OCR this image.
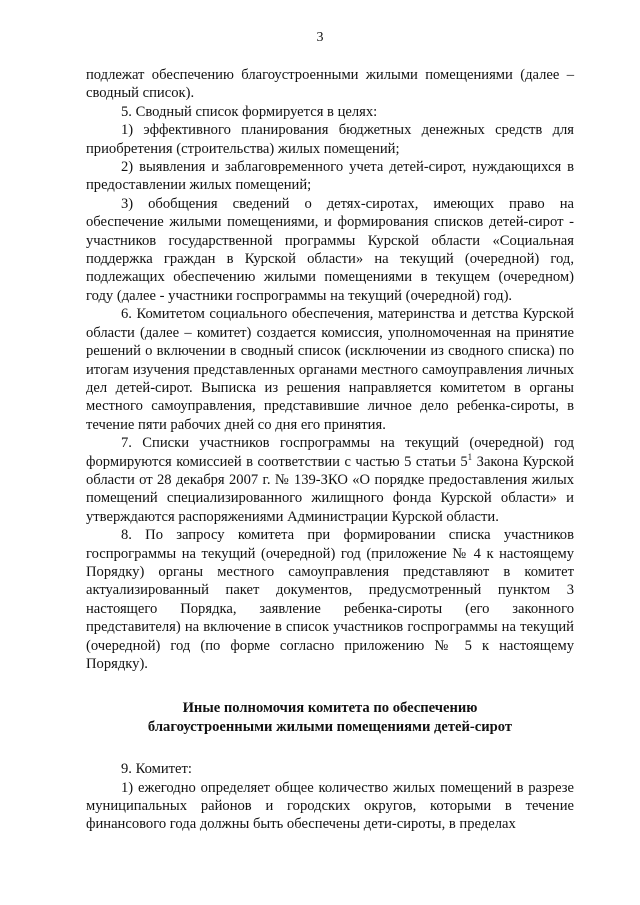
3

подлежат обеспечению благоустроенными жилыми помещениями (далее – сводный список).

5. Сводный список формируется в целях:

1) эффективного планирования бюджетных денежных средств для приобретения (строительства) жилых помещений;

2) выявления и заблаговременного учета детей-сирот, нуждающихся в предоставлении жилых помещений;

3) обобщения сведений о детях-сиротах, имеющих право на обеспечение жилыми помещениями, и формирования списков детей-сирот - участников государственной программы Курской области «Социальная поддержка граждан в Курской области» на текущий (очередной) год, подлежащих обеспечению жилыми помещениями в текущем (очередном) году (далее - участники госпрограммы на текущий (очередной) год).

6. Комитетом социального обеспечения, материнства и детства Курской области (далее – комитет) создается комиссия, уполномоченная на принятие решений о включении в сводный список (исключении из сводного списка) по итогам изучения представленных органами местного самоуправления личных дел детей-сирот. Выписка из решения направляется комитетом в органы местного самоуправления, представившие личное дело ребенка-сироты, в течение пяти рабочих дней со дня его принятия.

7. Списки участников госпрограммы на текущий (очередной) год формируются комиссией в соответствии с частью 5 статьи $5^1$ Закона Курской области от 28 декабря 2007 г. № 139-ЗКО «О порядке предоставления жилых помещений специализированного жилищного фонда Курской области» и утверждаются распоряжениями Администрации Курской области.

8. По запросу комитета при формировании списка участников госпрограммы на текущий (очередной) год (приложение № 4 к настоящему Порядку) органы местного самоуправления представляют в комитет актуализированный пакет документов, предусмотренный пунктом 3 настоящего Порядка, заявление ребенка-сироты (его законного представителя) на включение в список участников госпрограммы на текущий (очередной) год (по форме согласно приложению № 5 к настоящему Порядку).

Иные полномочия комитета по обеспечению
благоустроенными жилыми помещениями детей-сирот

9. Комитет:

1) ежегодно определяет общее количество жилых помещений в разрезе муниципальных районов и городских округов, которыми в течение финансового года должны быть обеспечены дети-сироты, в пределах
